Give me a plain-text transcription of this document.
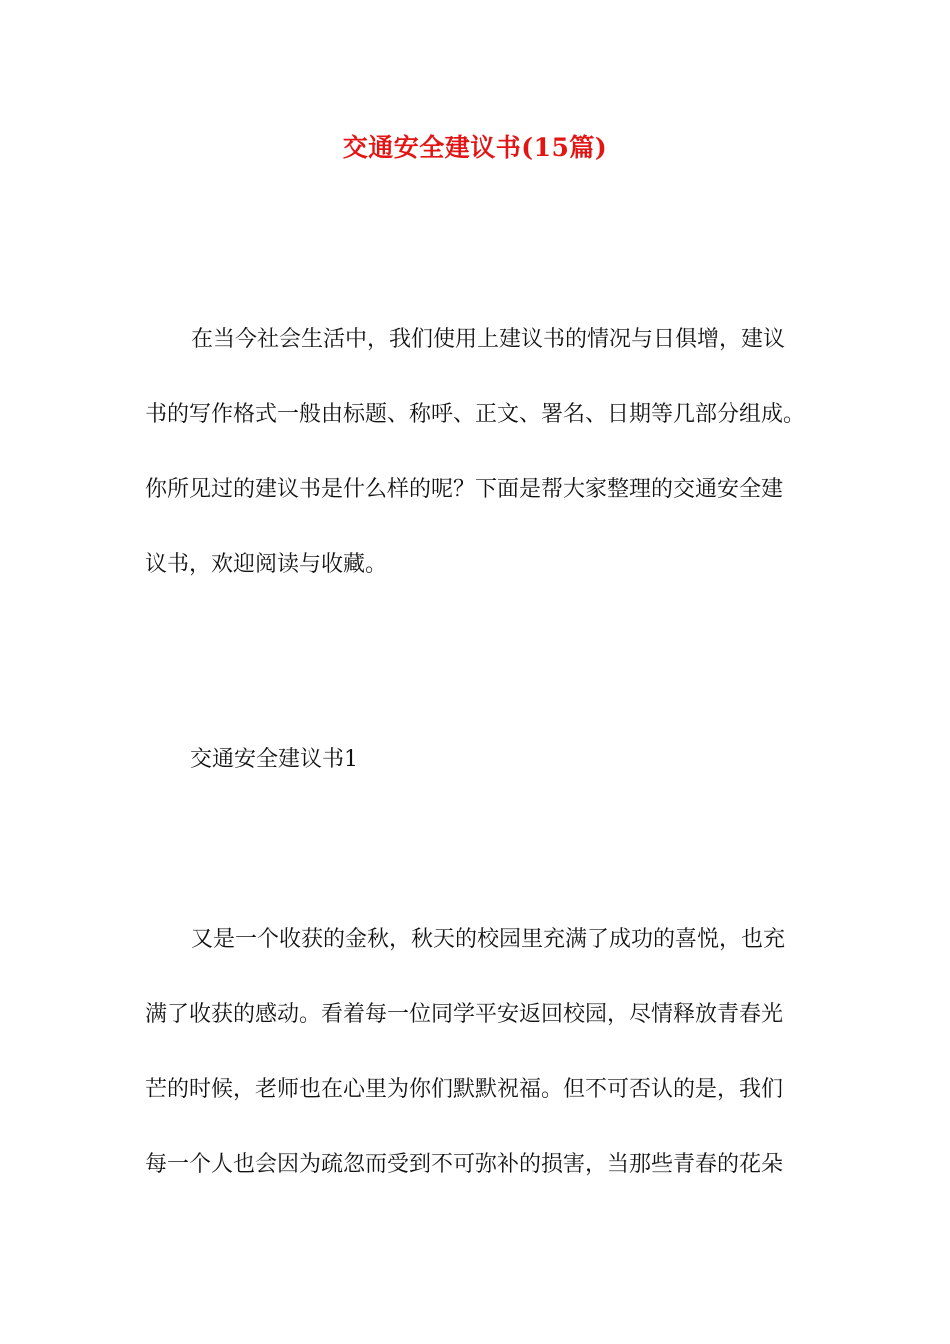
交通安全建议书(15篇)
在当今社会生活中，我们使用上建议书的情况与日俱增，建议
书的写作格式一般由标题、称呼、正文、署名、日期等几部分组成。
你所见过的建议书是什么样的呢？下面是帮大家整理的交通安全建
议书，欢迎阅读与收藏。
交通安全建议书1
又是一个收获的金秋，秋天的校园里充满了成功的喜悦，也充
满了收获的感动。看着每一位同学平安返回校园，尽情释放青春光
芒的时候，老师也在心里为你们默默祝福。但不可否认的是，我们
每一个人也会因为疏忽而受到不可弥补的损害，当那些青春的花朵
